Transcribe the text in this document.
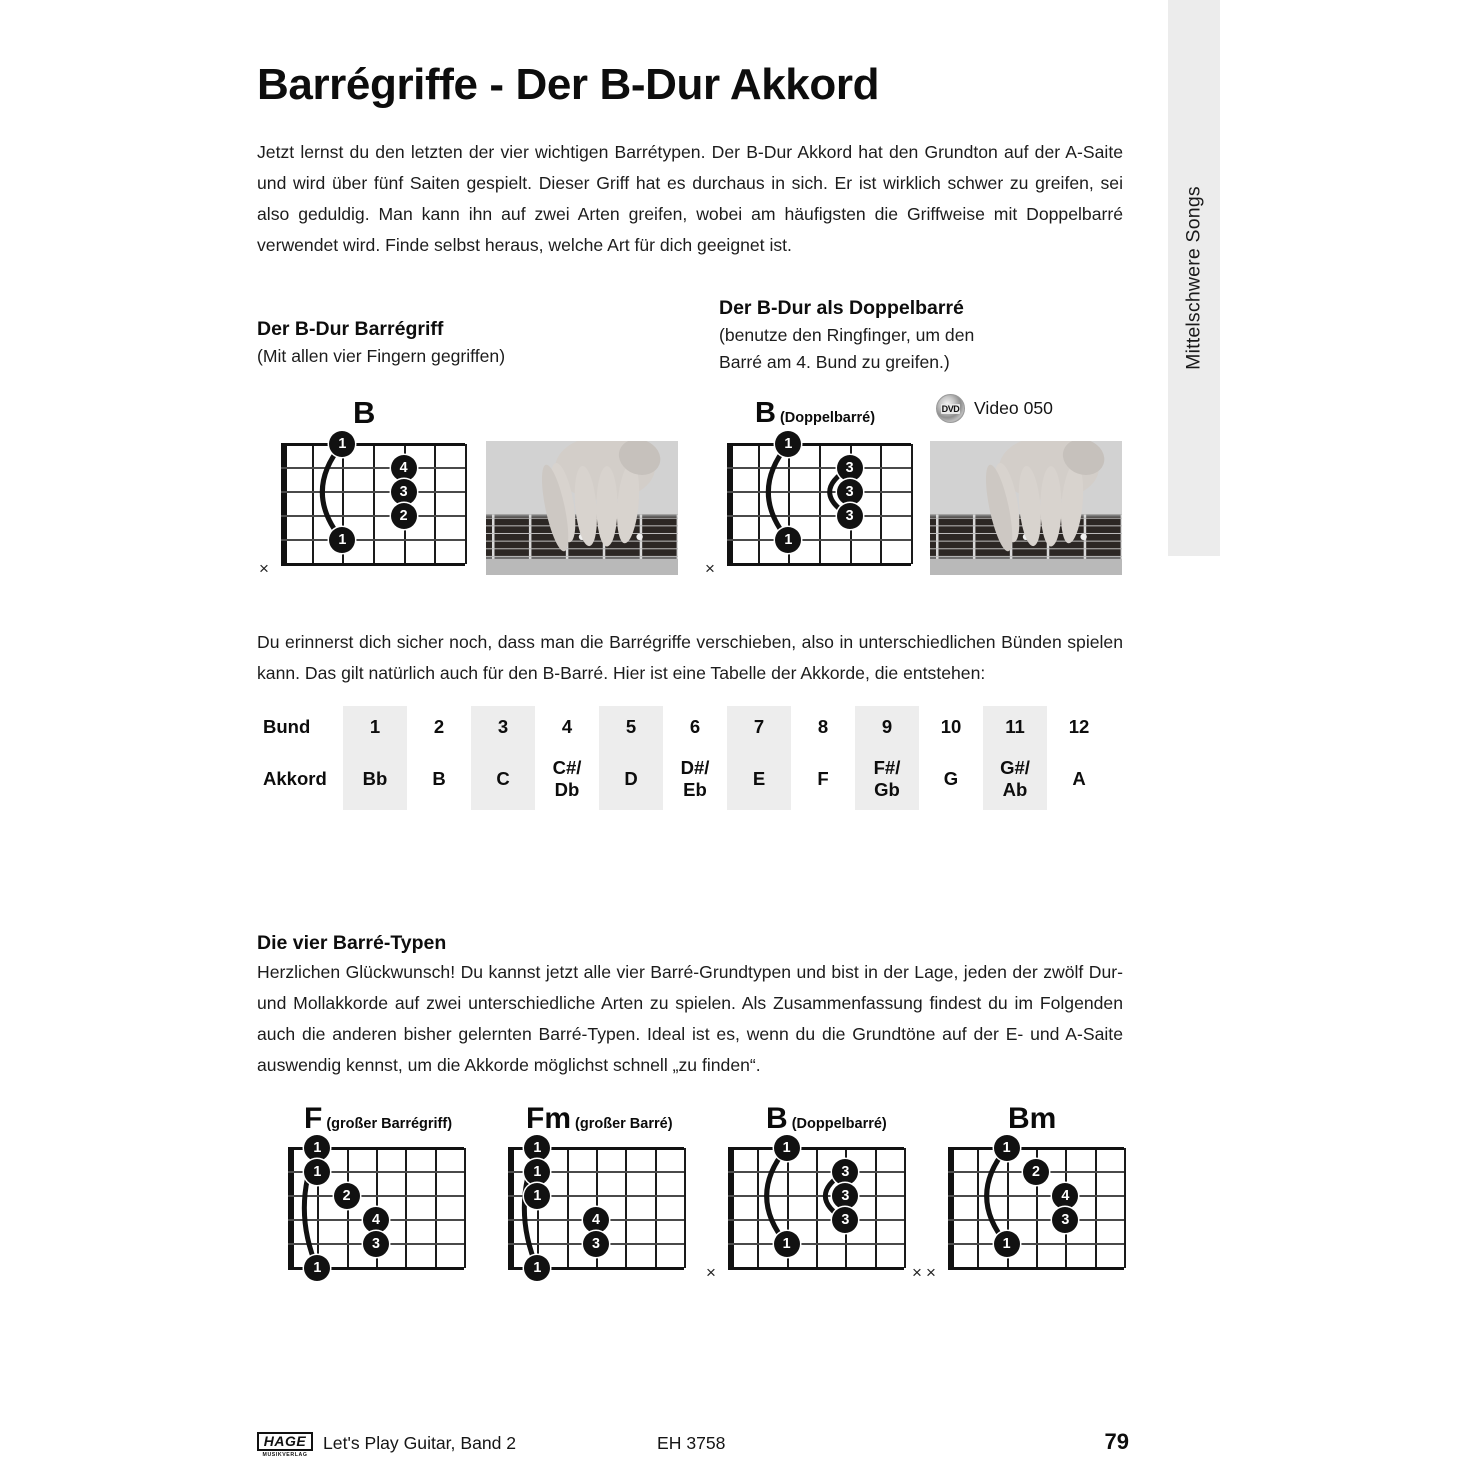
Mittelschwere Songs
Barrégriffe - Der B-Dur Akkord

Jetzt lernst du den letzten der vier wichtigen Barrétypen. Der B-Dur Akkord hat den Grundton auf der A-Saite und wird über fünf Saiten gespielt. Dieser Griff hat es durchaus in sich. Er ist wirklich schwer zu greifen, sei also geduldig. Man kann ihn auf zwei Arten greifen, wobei am häufigsten die Griffweise mit Doppelbarré verwendet wird. Finde selbst heraus, welche Art für dich geeignet ist.

Der B-Dur Barrégriff
(Mit allen vier Fingern gegriffen)
Der B-Dur als Doppelbarré
(benutze den Ringfinger, um den
Barré am 4. Bund zu greifen.)

Du erinnerst dich sicher noch, dass man die Barrégriffe verschieben, also in unterschiedlichen Bünden spielen kann. Das gilt natürlich auch für den B-Barré. Hier ist eine Tabelle der Akkorde, die entstehen:

Bund	1	2	3	4	5	6	7	8	9	10	11	12
Akkord	Bb	B	C	C#/
Db	D	D#/
Eb	E	F	F#/
Gb	G	G#/
Ab	A
Die vier Barré-Typen

Herzlichen Glückwunsch! Du kannst jetzt alle vier Barré-Grundtypen und bist in der Lage, jeden der zwölf Dur- und Mollakkorde auf zwei unterschiedliche Arten zu spielen. Als Zusammenfassung findest du im Folgenden auch die anderen bisher gelernten Barré-Typen. Ideal ist es, wenn du die Grundtöne auf der E- und A-Saite auswendig kennst, um die Akkorde möglichst schnell „zu finden“.

B
1
4
3
2
1
×
B (Doppelbarré)
1
3
3
3
1
×
F (großer Barrégriff)
1
1
2
4
3
1
Fm (großer Barré)
1
1
1
4
3
1
B (Doppelbarré)
1
3
3
3
1
×	×
Bm
1
2
4
3
1
×
DVD Video 050
HAGE
MUSIKVERLAG
Let's Play Guitar, Band 2	EH 3758	79
